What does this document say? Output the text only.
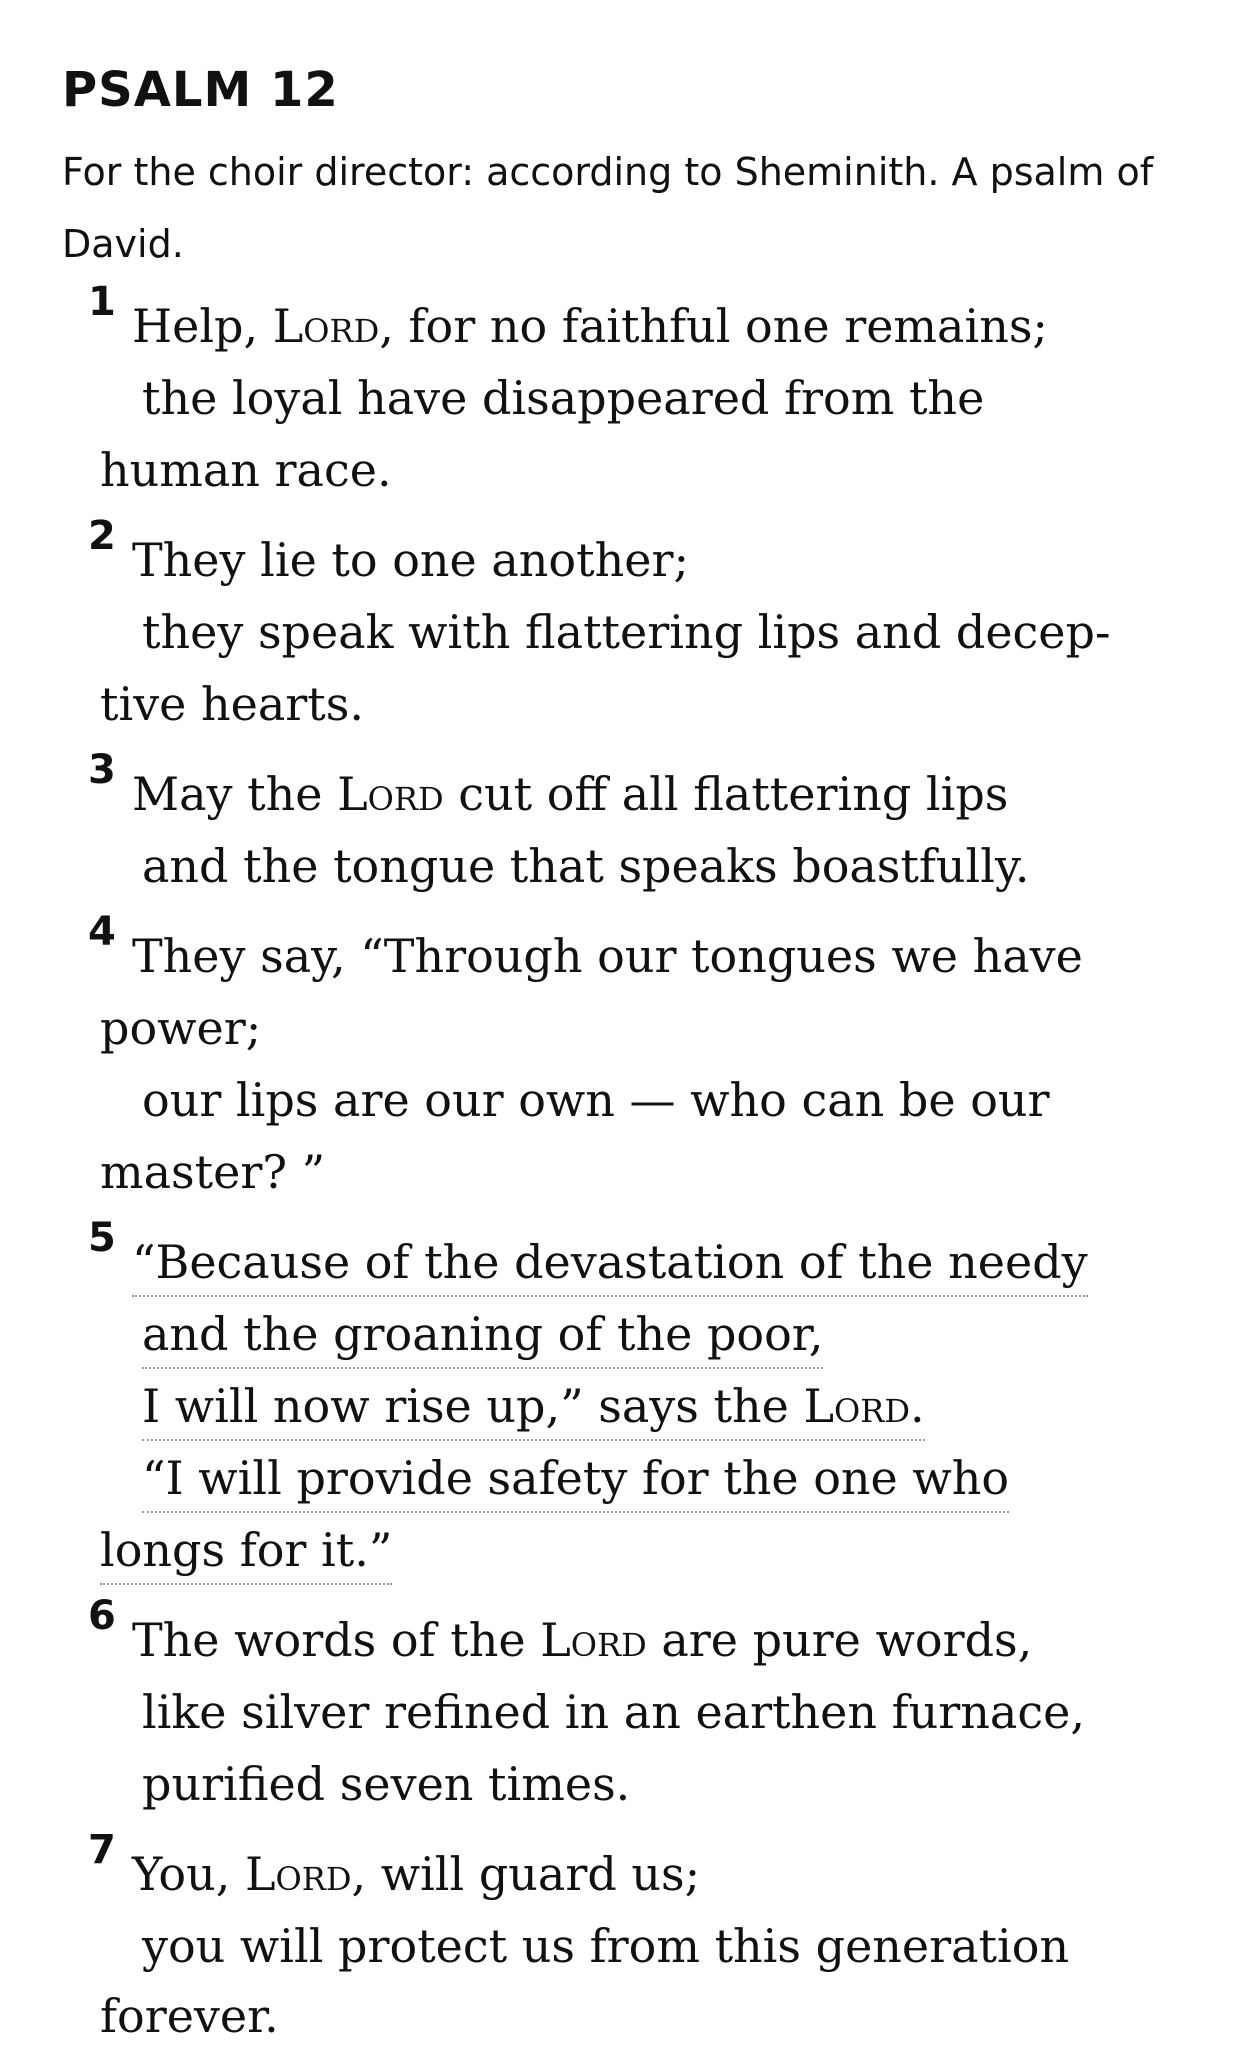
PSALM 12
For the choir director: according to Sheminith. A psalm of David.
1 Help, Lord, for no faithful one remains;
the loyal have disappeared from the
human race.
2 They lie to one another;
they speak with flattering lips and decep-
tive hearts.
3 May the Lord cut off all flattering lips
and the tongue that speaks boastfully.
4 They say, “Through our tongues we have
power;
our lips are our own — who can be our
master? ”
5 “Because of the devastation of the needy
and the groaning of the poor,
I will now rise up,” says the Lord.
“I will provide safety for the one who
longs for it.”
6 The words of the Lord are pure words,
like silver refined in an earthen furnace,
purified seven times.
7 You, Lord, will guard us;
you will protect us from this generation
forever.
